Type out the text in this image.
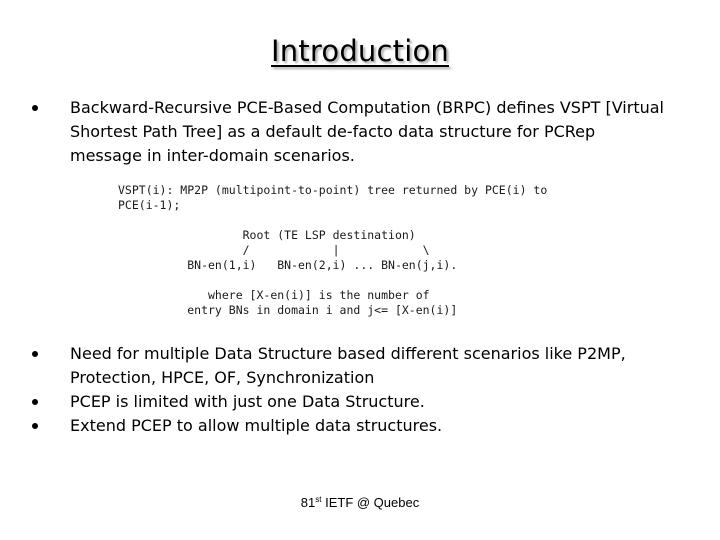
Introduction
Backward-Recursive PCE-Based Computation (BRPC) defines VSPT [Virtual Shortest Path Tree] as a default de-facto data structure for PCRep message in inter-domain scenarios.
VSPT(i): MP2P (multipoint-to-point) tree returned by PCE(i) to
PCE(i-1);

Root (TE LSP destination)
/            |            \
BN-en(1,i)   BN-en(2,i) ... BN-en(j,i).

where [X-en(i)] is the number of
entry BNs in domain i and j<= [X-en(i)]
Need for multiple Data Structure based different scenarios like P2MP, Protection, HPCE, OF, Synchronization
PCEP is limited with just one Data Structure.
Extend PCEP to allow multiple data structures.
81st IETF @ Quebec
